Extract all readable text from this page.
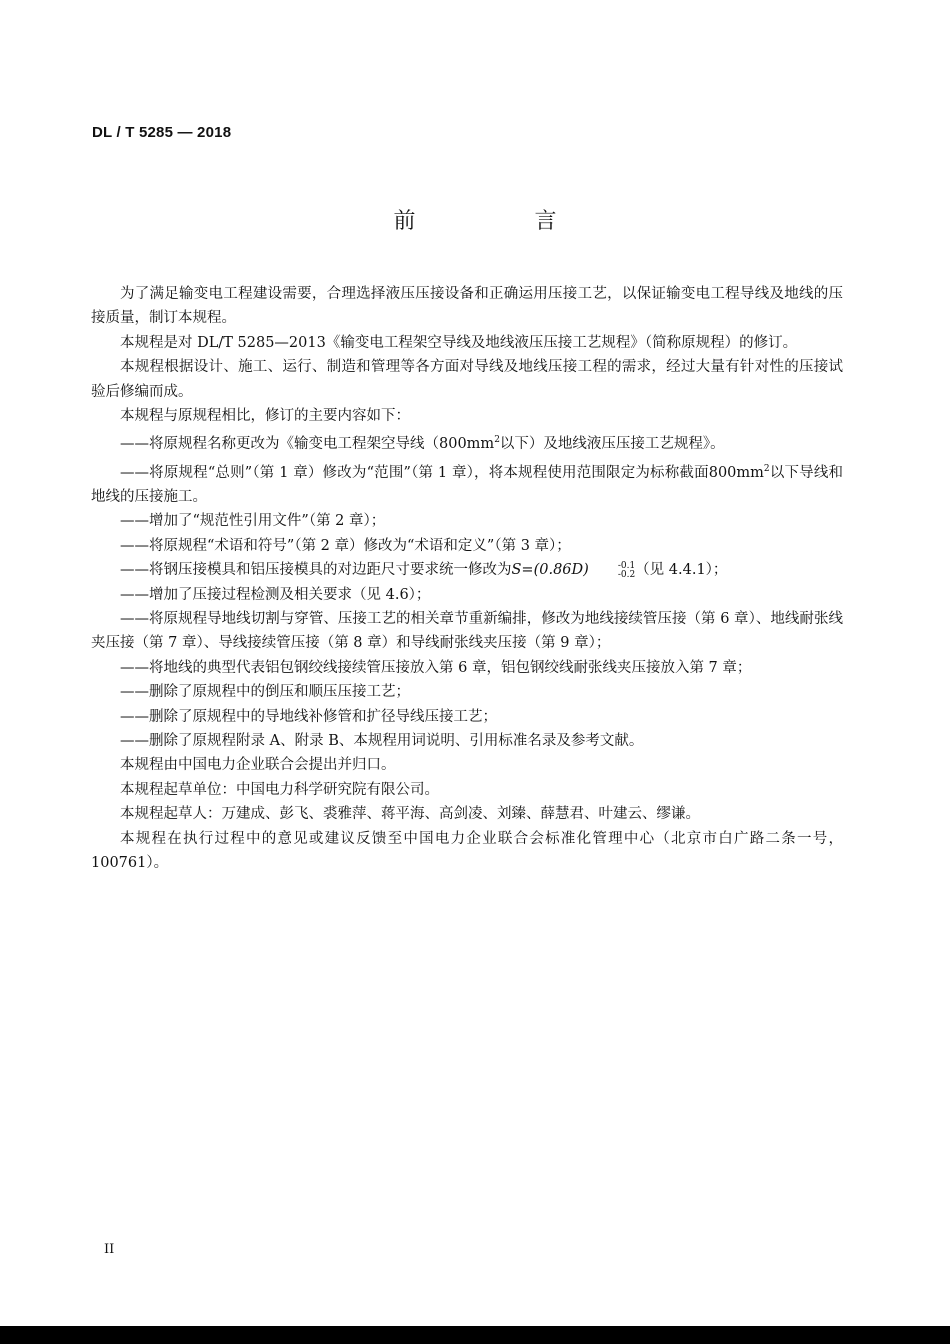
DL / T 5285 — 2018
前 言

为了满足输变电工程建设需要，合理选择液压压接设备和正确运用压接工艺，以保证输变电工程导线及地线的压接质量，制订本规程。

本规程是对 DL/T 5285—2013《输变电工程架空导线及地线液压压接工艺规程》（简称原规程）的修订。

本规程根据设计、施工、运行、制造和管理等各方面对导线及地线压接工程的需求，经过大量有针对性的压接试验后修编而成。

本规程与原规程相比，修订的主要内容如下：

——将原规程名称更改为《输变电工程架空导线（$800mm^2$以下）及地线液压压接工艺规程》。

——将原规程“总则”（第 1 章）修改为“范围”（第 1 章），将本规程使用范围限定为标称截面$800mm^2$以下导线和地线的压接施工。

——增加了“规范性引用文件”（第 2 章）；

——将原规程“术语和符号”（第 2 章）修改为“术语和定义”（第 3 章）；

——将钢压接模具和铝压接模具的对边距尺寸要求统一修改为S=(0.86D)	-0.1
-0.2 （见 4.4.1）；

——增加了压接过程检测及相关要求（见 4.6）；

——将原规程导地线切割与穿管、压接工艺的相关章节重新编排，修改为地线接续管压接（第 6 章）、地线耐张线夹压接（第 7 章）、导线接续管压接（第 8 章）和导线耐张线夹压接（第 9 章）；

——将地线的典型代表铝包钢绞线接续管压接放入第 6 章，铝包钢绞线耐张线夹压接放入第 7 章；

——删除了原规程中的倒压和顺压压接工艺；

——删除了原规程中的导地线补修管和扩径导线压接工艺；

——删除了原规程附录 A、附录 B、本规程用词说明、引用标准名录及参考文献。

本规程由中国电力企业联合会提出并归口。

本规程起草单位：中国电力科学研究院有限公司。

本规程起草人：万建成、彭飞、裘雅萍、蒋平海、高剑凌、刘臻、薛慧君、叶建云、缪谦。

本规程在执行过程中的意见或建议反馈至中国电力企业联合会标准化管理中心（北京市白广路二条一号，100761）。

II
